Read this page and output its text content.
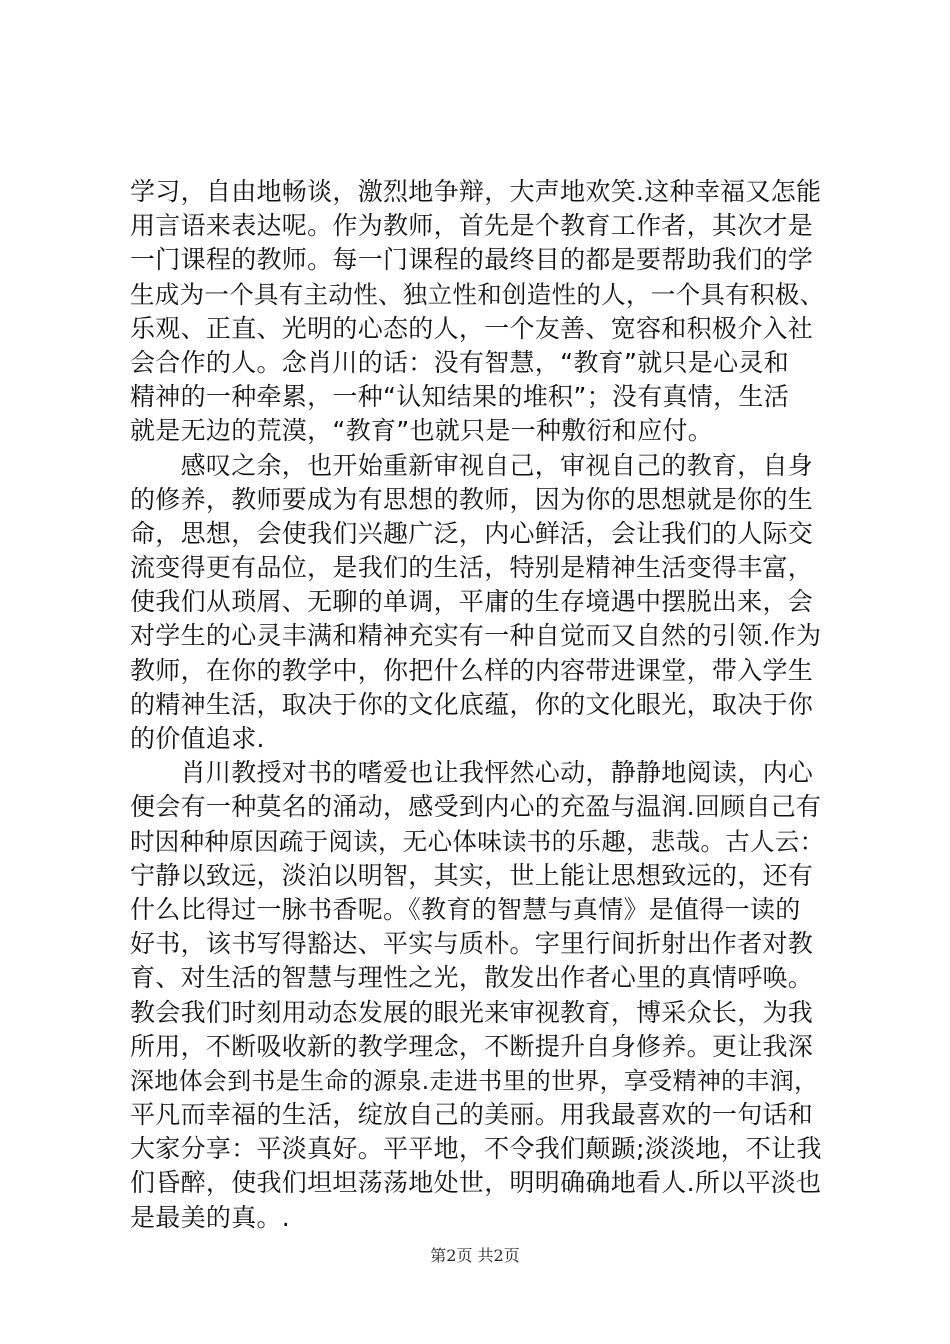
学习，自由地畅谈，激烈地争辩，大声地欢笑.这种幸福又怎能
用言语来表达呢。作为教师，首先是个教育工作者，其次才是
一门课程的教师。每一门课程的最终目的都是要帮助我们的学
生成为一个具有主动性、独立性和创造性的人，一个具有积极、
乐观、正直、光明的心态的人，一个友善、宽容和积极介入社
会合作的人。念肖川的话：没有智慧，“教育”就只是心灵和
精神的一种牵累，一种“认知结果的堆积”；没有真情，生活
就是无边的荒漠，“教育”也就只是一种敷衍和应付。
　　感叹之余，也开始重新审视自己，审视自己的教育，自身
的修养，教师要成为有思想的教师，因为你的思想就是你的生
命，思想，会使我们兴趣广泛，内心鲜活，会让我们的人际交
流变得更有品位，是我们的生活，特别是精神生活变得丰富，
使我们从琐屑、无聊的单调，平庸的生存境遇中摆脱出来，会
对学生的心灵丰满和精神充实有一种自觉而又自然的引领.作为
教师，在你的教学中，你把什么样的内容带进课堂，带入学生
的精神生活，取决于你的文化底蕴，你的文化眼光，取决于你
的价值追求.
　　肖川教授对书的嗜爱也让我怦然心动，静静地阅读，内心
便会有一种莫名的涌动，感受到内心的充盈与温润.回顾自己有
时因种种原因疏于阅读，无心体味读书的乐趣，悲哉。古人云：
宁静以致远，淡泊以明智，其实，世上能让思想致远的，还有
什么比得过一脉书香呢。《教育的智慧与真情》是值得一读的
好书，该书写得豁达、平实与质朴。字里行间折射出作者对教
育、对生活的智慧与理性之光，散发出作者心里的真情呼唤。
教会我们时刻用动态发展的眼光来审视教育，博采众长，为我
所用，不断吸收新的教学理念，不断提升自身修养。更让我深
深地体会到书是生命的源泉.走进书里的世界，享受精神的丰润，
平凡而幸福的生活，绽放自己的美丽。用我最喜欢的一句话和
大家分享：平淡真好。平平地，不令我们颠踬;淡淡地，不让我
们昏醉，使我们坦坦荡荡地处世，明明确确地看人.所以平淡也
是最美的真。.
第2页 共2页
